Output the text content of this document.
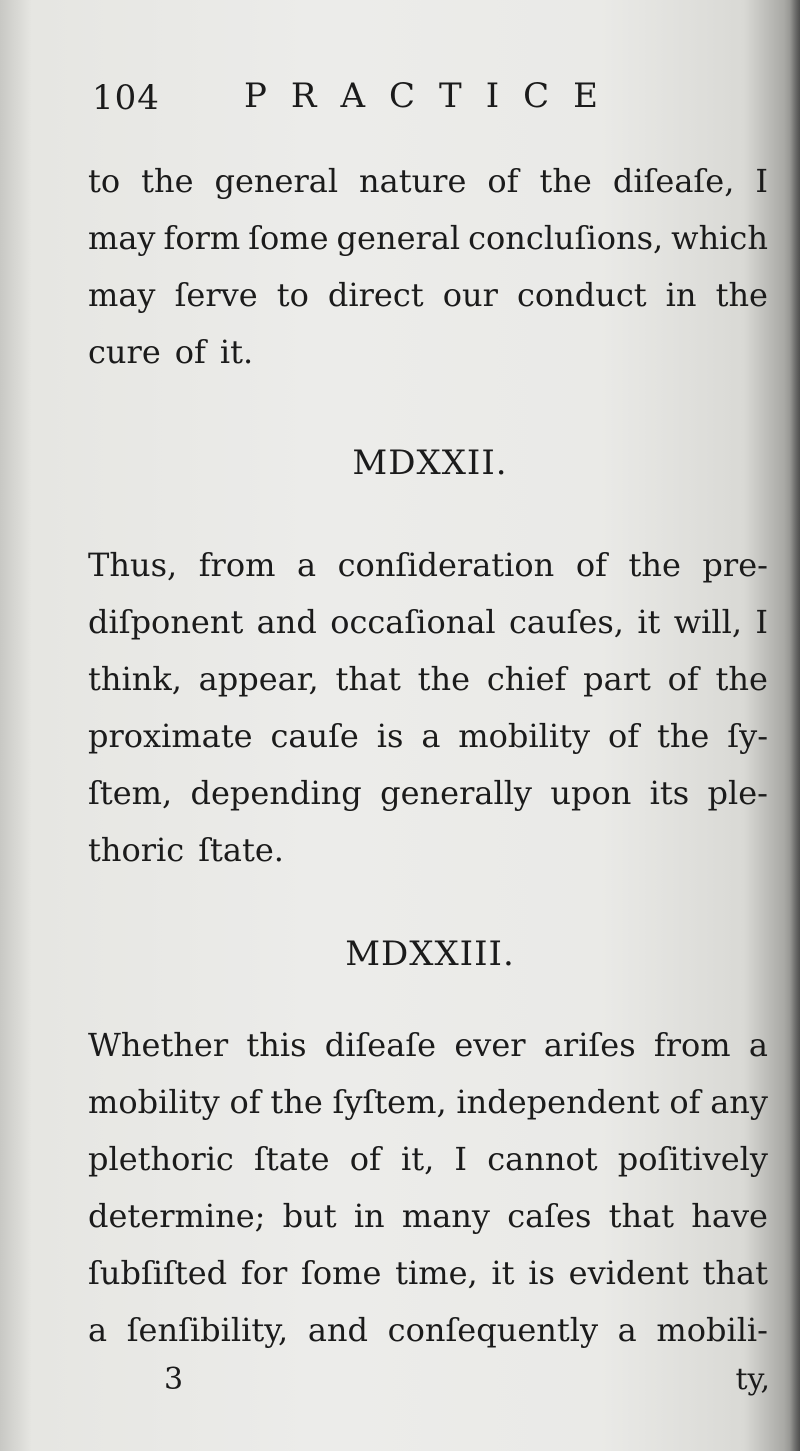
104 PRACTICE
to the general nature of the diſeaſe, I
may form ſome general concluſions, which
may ſerve to direct our conduct in the
cure of it.
MDXXII.
Thus, from a conſideration of the pre-
diſponent and occaſional cauſes, it will, I
think, appear, that the chief part of the
proximate cauſe is a mobility of the ſy-
ſtem, depending generally upon its ple-
thoric ſtate.
MDXXIII.
Whether this diſeaſe ever ariſes from a
mobility of the ſyſtem, independent of any
plethoric ſtate of it, I cannot poſitively
determine; but in many caſes that have
ſubſiſted for ſome time, it is evident that
a ſenſibility, and conſequently a mobili-
3	ty,
